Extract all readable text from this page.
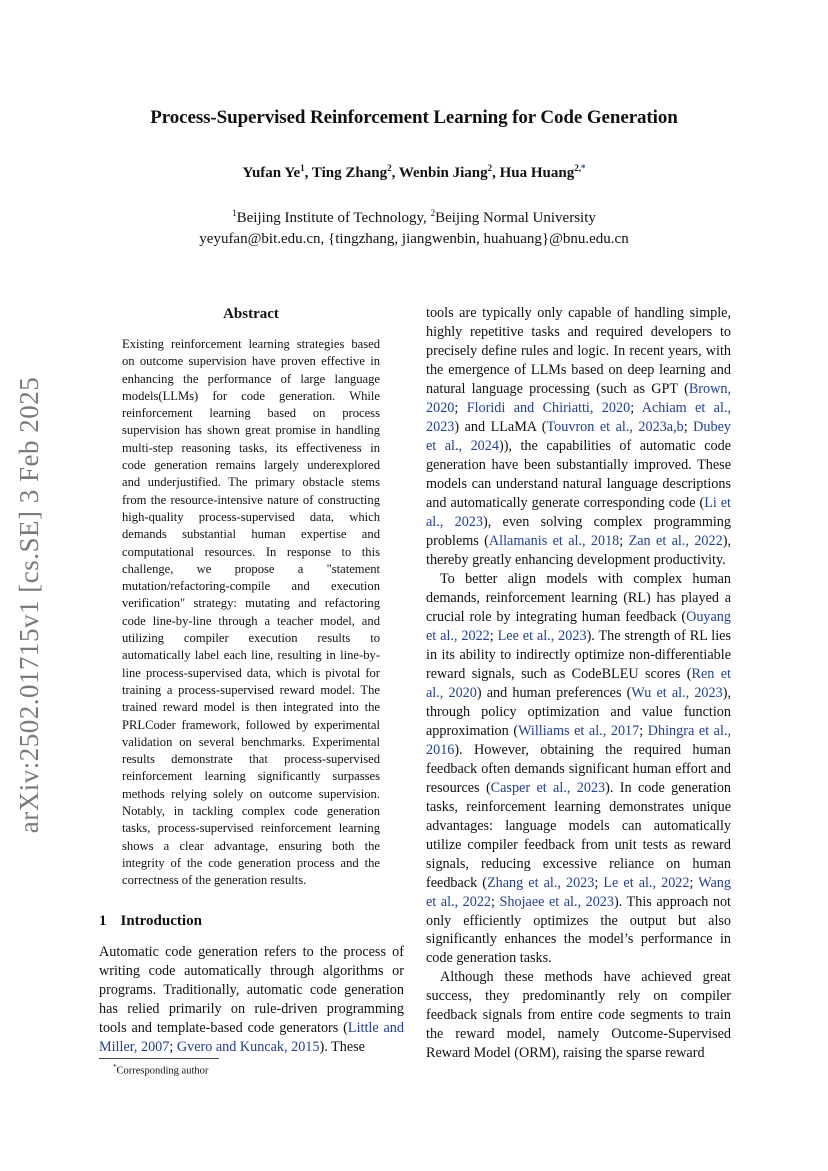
Process-Supervised Reinforcement Learning for Code Generation
Yufan Ye$^1$, Ting Zhang$^2$, Wenbin Jiang$^2$, Hua Huang$^{2,*}$
$^1$Beijing Institute of Technology, $^2$Beijing Normal University
yeyufan@bit.edu.cn, {tingzhang, jiangwenbin, huahuang}@bnu.edu.cn
arXiv:2502.01715v1 [cs.SE] 3 Feb 2025
Abstract
Existing reinforcement learning strategies based on outcome supervision have proven effective in enhancing the performance of large language models(LLMs) for code generation. While reinforcement learning based on process supervision has shown great promise in handling multi-step reasoning tasks, its effectiveness in code generation remains largely underexplored and underjustified. The primary obstacle stems from the resource-intensive nature of constructing high-quality process-supervised data, which demands substantial human expertise and computational resources. In response to this challenge, we propose a "statement mutation/refactoring-compile and execution verification" strategy: mutating and refactoring code line-by-line through a teacher model, and utilizing compiler execution results to automatically label each line, resulting in line-by-line process-supervised data, which is pivotal for training a process-supervised reward model. The trained reward model is then integrated into the PRLCoder framework, followed by experimental validation on several benchmarks. Experimental results demonstrate that process-supervised reinforcement learning significantly surpasses methods relying solely on outcome supervision. Notably, in tackling complex code generation tasks, process-supervised reinforcement learning shows a clear advantage, ensuring both the integrity of the code generation process and the correctness of the generation results.
1 Introduction
Automatic code generation refers to the process of writing code automatically through algorithms or programs. Traditionally, automatic code generation has relied primarily on rule-driven programming tools and template-based code generators (Little and Miller, 2007; Gvero and Kuncak, 2015). These
*Corresponding author

tools are typically only capable of handling simple, highly repetitive tasks and required developers to precisely define rules and logic. In recent years, with the emergence of LLMs based on deep learning and natural language processing (such as GPT (Brown, 2020; Floridi and Chiriatti, 2020; Achiam et al., 2023) and LLaMA (Touvron et al., 2023a,b; Dubey et al., 2024)), the capabilities of automatic code generation have been substantially improved. These models can understand natural language descriptions and automatically generate corresponding code (Li et al., 2023), even solving complex programming problems (Allamanis et al., 2018; Zan et al., 2022), thereby greatly enhancing development productivity.

To better align models with complex human demands, reinforcement learning (RL) has played a crucial role by integrating human feedback (Ouyang et al., 2022; Lee et al., 2023). The strength of RL lies in its ability to indirectly optimize non-differentiable reward signals, such as CodeBLEU scores (Ren et al., 2020) and human preferences (Wu et al., 2023), through policy optimization and value function approximation (Williams et al., 2017; Dhingra et al., 2016). However, obtaining the required human feedback often demands significant human effort and resources (Casper et al., 2023). In code generation tasks, reinforcement learning demonstrates unique advantages: language models can automatically utilize compiler feedback from unit tests as reward signals, reducing excessive reliance on human feedback (Zhang et al., 2023; Le et al., 2022; Wang et al., 2022; Shojaee et al., 2023). This approach not only efficiently optimizes the output but also significantly enhances the model’s performance in code generation tasks.

Although these methods have achieved great success, they predominantly rely on compiler feedback signals from entire code segments to train the reward model, namely Outcome-Supervised Reward Model (ORM), raising the sparse reward
